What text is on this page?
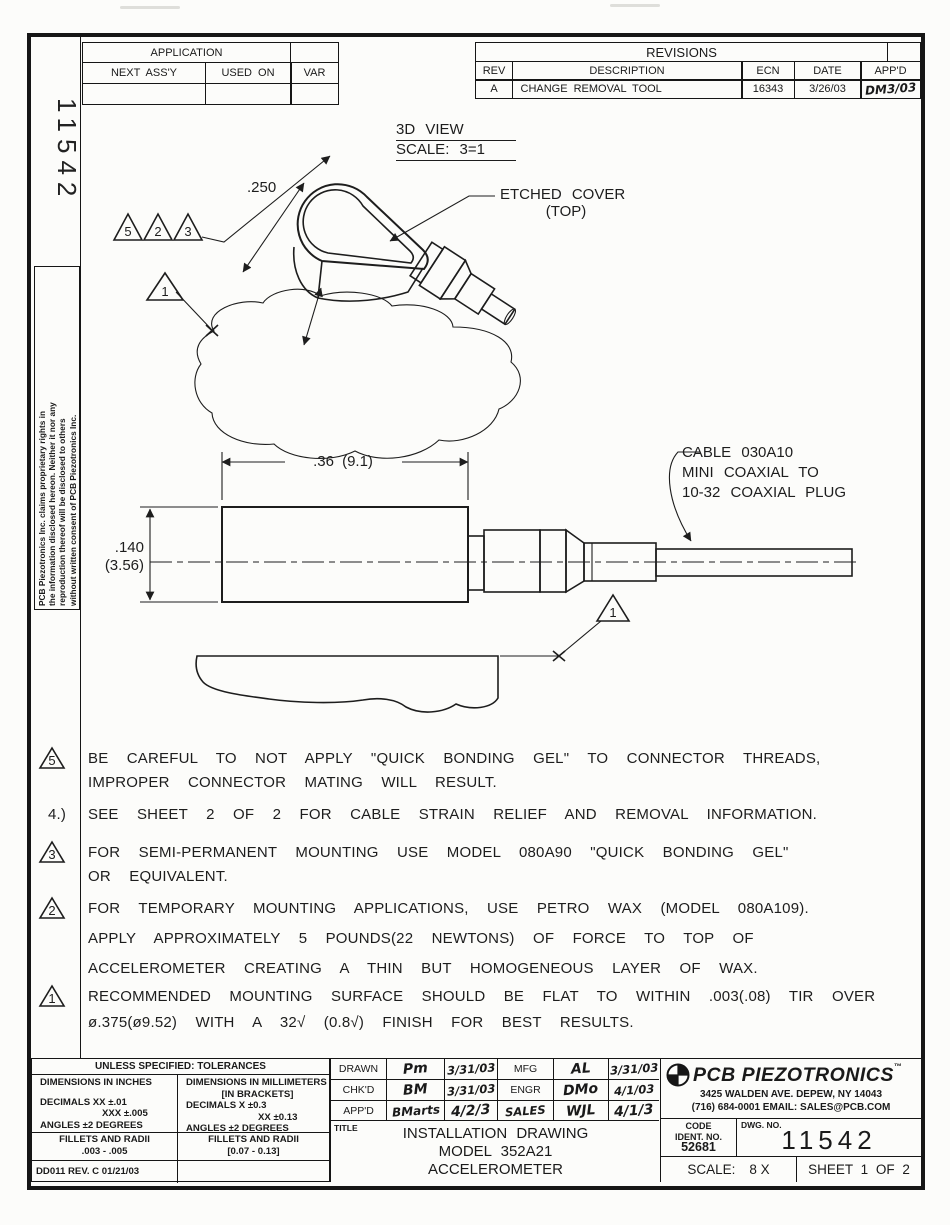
11542
PCB Piezotronics Inc. claims proprietary rights in the information disclosed hereon. Neither it nor any reproduction thereof will be disclosed to others without written consent of PCB Piezotronics Inc.
APPLICATION
NEXT ASS'Y	USED ON	VAR
REVISIONS
REV	DESCRIPTION	ECN	DATE	APP'D
A	CHANGE REMOVAL TOOL	16343	3/26/03	DM3/03
5 2 3
1
1
3D VIEW
SCALE: 3=1
.250	ETCHED COVER
(TOP)
.36 (9.1)
.140
(3.56)
CABLE 030A10
MINI COAXIAL TO
10-32 COAXIAL PLUG
5 BE CAREFUL TO NOT APPLY "QUICK BONDING GEL" TO CONNECTOR THREADS,
IMPROPER CONNECTOR MATING WILL RESULT.
4.) SEE SHEET 2 OF 2 FOR CABLE STRAIN RELIEF AND REMOVAL INFORMATION.
3 FOR SEMI-PERMANENT MOUNTING USE MODEL 080A90 "QUICK BONDING GEL"
OR EQUIVALENT.
2 FOR TEMPORARY MOUNTING APPLICATIONS, USE PETRO WAX (MODEL 080A109).
APPLY APPROXIMATELY 5 POUNDS(22 NEWTONS) OF FORCE TO TOP OF
ACCELEROMETER CREATING A THIN BUT HOMOGENEOUS LAYER OF WAX.
1 RECOMMENDED MOUNTING SURFACE SHOULD BE FLAT TO WITHIN .003(.08) TIR OVER
ø.375(ø9.52) WITH A 32√ (0.8√) FINISH FOR BEST RESULTS.
UNLESS SPECIFIED: TOLERANCES
DIMENSIONS IN INCHES
DECIMALS XX ±.01
XXX ±.005
ANGLES ±2 DEGREES
DIMENSIONS IN MILLIMETERS
[IN BRACKETS]
DECIMALS X ±0.3
XX ±0.13
ANGLES ±2 DEGREES
FILLETS AND RADII
.003 - .005
FILLETS AND RADII
[0.07 - 0.13]
DD011 REV. C 01/21/03
DRAWN	Pm 3/31/03	MFG	AL 3/31/03
CHK'D	BM 3/31/03	ENGR	DMo 4/1/03
APP'D	BMarts 4/2/3 SALES WJL 4/1/3
TITLE	INSTALLATION DRAWING
MODEL 352A21
ACCELEROMETER
PCB PIEZOTRONICS ™
3425 WALDEN AVE. DEPEW, NY 14043
(716) 684-0001 EMAIL: SALES@PCB.COM
CODE
IDENT. NO.
52681
DWG. NO. 11542
SCALE: 8 X	SHEET 1 OF 2
